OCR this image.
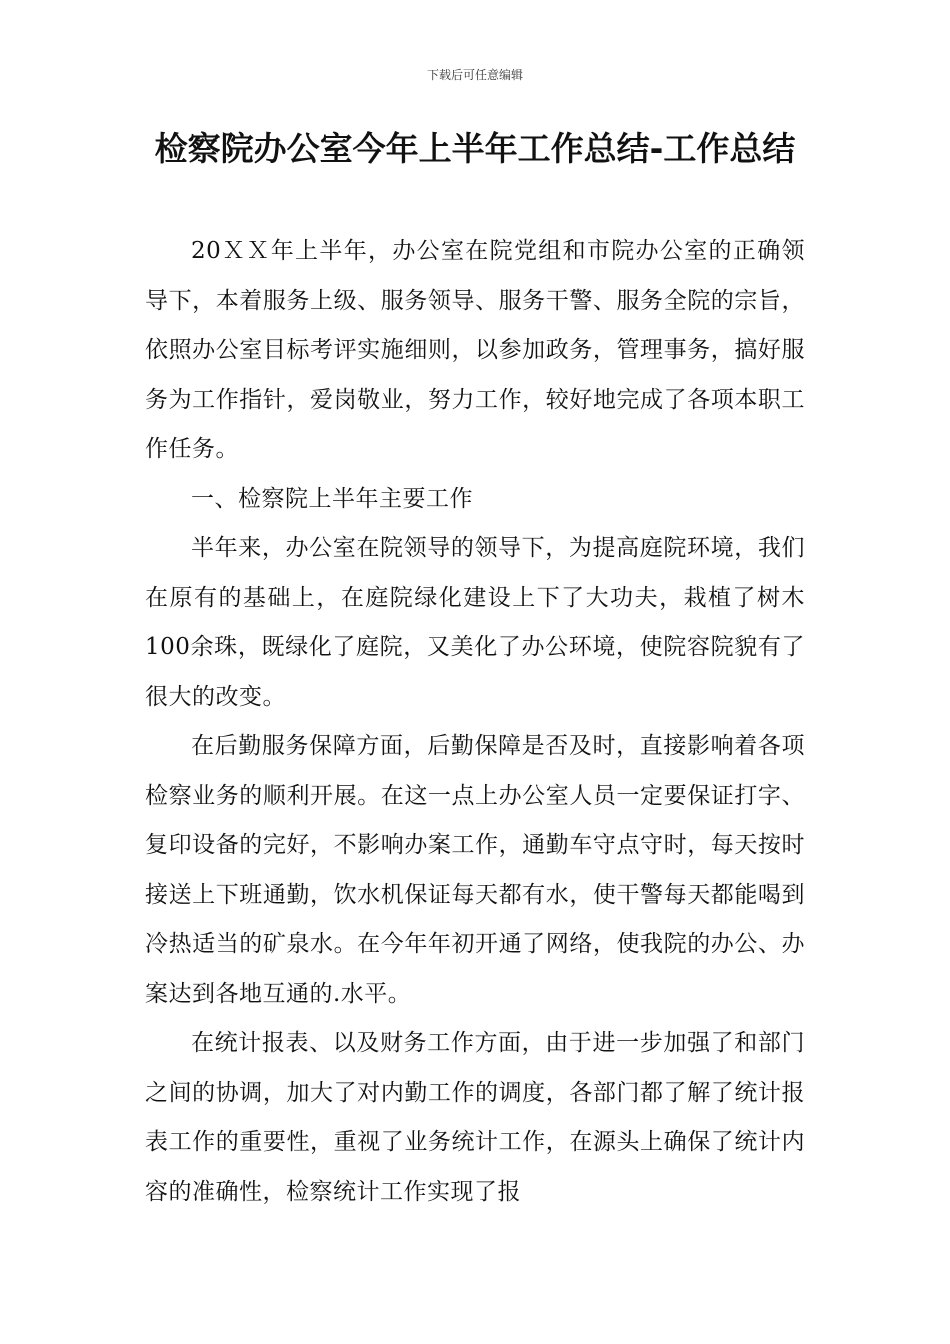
下载后可任意编辑
检察院办公室今年上半年工作总结-工作总结

20ＸＸ年上半年，办公室在院党组和市院办公室的正确领导下，本着服务上级、服务领导、服务干警、服务全院的宗旨，依照办公室目标考评实施细则，以参加政务，管理事务，搞好服务为工作指针，爱岗敬业，努力工作，较好地完成了各项本职工作任务。

一、检察院上半年主要工作

半年来，办公室在院领导的领导下，为提高庭院环境，我们在原有的基础上，在庭院绿化建设上下了大功夫，栽植了树木100余珠，既绿化了庭院，又美化了办公环境，使院容院貌有了很大的改变。

在后勤服务保障方面，后勤保障是否及时，直接影响着各项检察业务的顺利开展。在这一点上办公室人员一定要保证打字、复印设备的完好，不影响办案工作，通勤车守点守时，每天按时接送上下班通勤，饮水机保证每天都有水，使干警每天都能喝到冷热适当的矿泉水。在今年年初开通了网络，使我院的办公、办案达到各地互通的.水平。

在统计报表、以及财务工作方面，由于进一步加强了和部门之间的协调，加大了对内勤工作的调度，各部门都了解了统计报表工作的重要性，重视了业务统计工作，在源头上确保了统计内容的准确性，检察统计工作实现了报
